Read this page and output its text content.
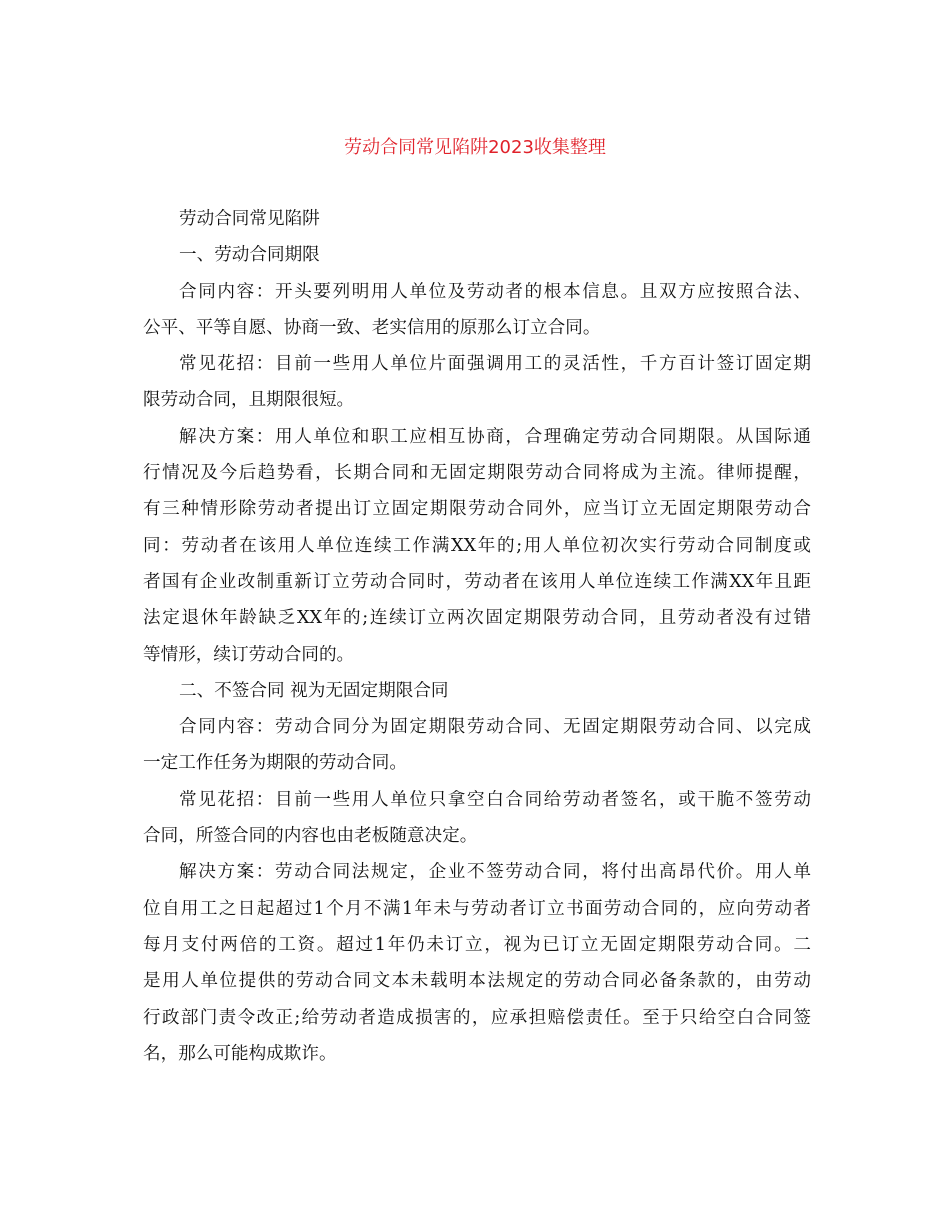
劳动合同常见陷阱2023收集整理
劳动合同常见陷阱
一、劳动合同期限
合同内容：开头要列明用人单位及劳动者的根本信息。且双方应按照合法、
公平、平等自愿、协商一致、老实信用的原那么订立合同。
常见花招：目前一些用人单位片面强调用工的灵活性，千方百计签订固定期
限劳动合同，且期限很短。
解决方案：用人单位和职工应相互协商，合理确定劳动合同期限。从国际通
行情况及今后趋势看，长期合同和无固定期限劳动合同将成为主流。律师提醒，
有三种情形除劳动者提出订立固定期限劳动合同外，应当订立无固定期限劳动合
同：劳动者在该用人单位连续工作满XX年的;用人单位初次实行劳动合同制度或
者国有企业改制重新订立劳动合同时，劳动者在该用人单位连续工作满XX年且距
法定退休年龄缺乏XX年的;连续订立两次固定期限劳动合同，且劳动者没有过错
等情形，续订劳动合同的。
二、不签合同 视为无固定期限合同
合同内容：劳动合同分为固定期限劳动合同、无固定期限劳动合同、以完成
一定工作任务为期限的劳动合同。
常见花招：目前一些用人单位只拿空白合同给劳动者签名，或干脆不签劳动
合同，所签合同的内容也由老板随意决定。
解决方案：劳动合同法规定，企业不签劳动合同，将付出高昂代价。用人单
位自用工之日起超过1个月不满1年未与劳动者订立书面劳动合同的，应向劳动者
每月支付两倍的工资。超过1年仍未订立，视为已订立无固定期限劳动合同。二
是用人单位提供的劳动合同文本未载明本法规定的劳动合同必备条款的，由劳动
行政部门责令改正;给劳动者造成损害的，应承担赔偿责任。至于只给空白合同签
名，那么可能构成欺诈。
